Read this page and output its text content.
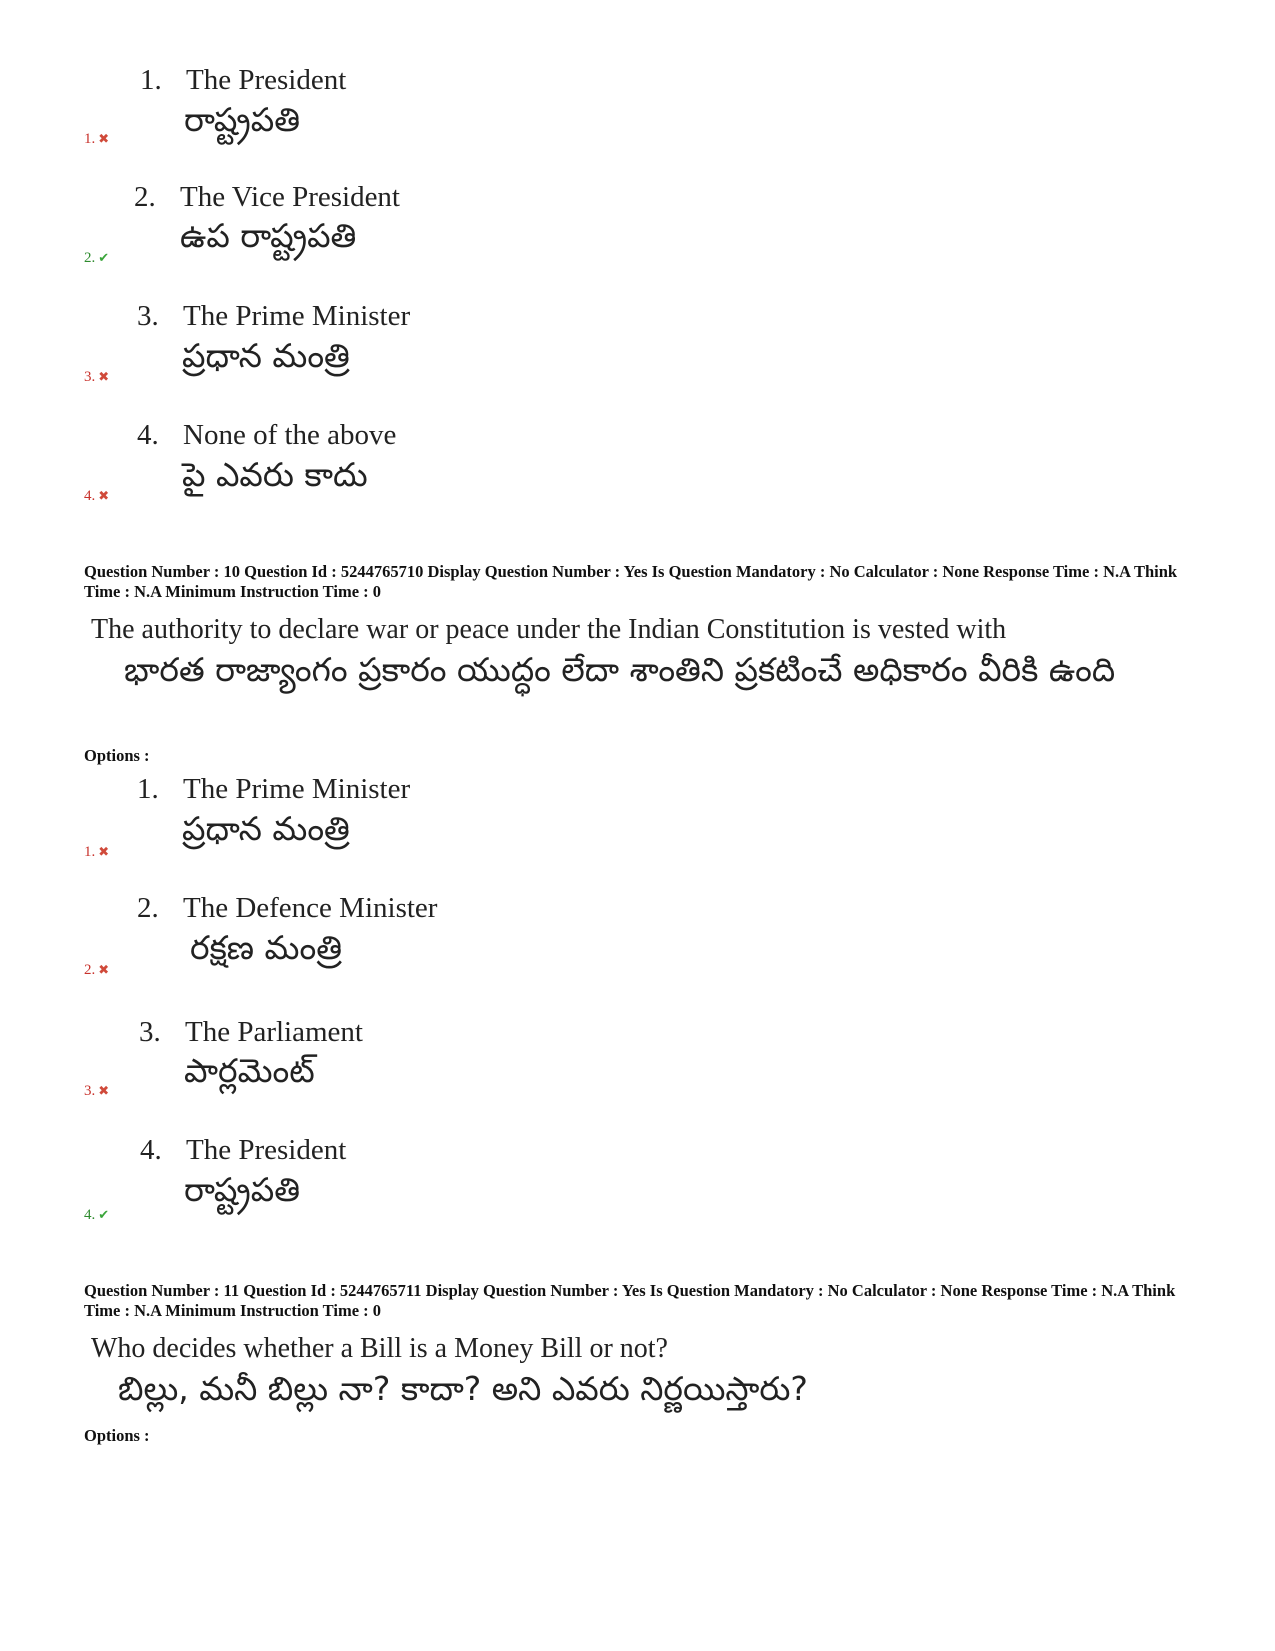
1. The President
రాష్ట్రపతి
1. ✖
2. The Vice President
ఉప రాష్ట్రపతి
2. ✔
3. The Prime Minister
ప్రధాన మంత్రి
3. ✖
4. None of the above
పై ఎవరు కాదు
4. ✖
Question Number : 10 Question Id : 5244765710 Display Question Number : Yes Is Question Mandatory : No Calculator : None Response Time : N.A Think Time : N.A Minimum Instruction Time : 0
The authority to declare war or peace under the Indian Constitution is vested with
భారత రాజ్యాంగం ప్రకారం యుద్ధం లేదా శాంతిని ప్రకటించే అధికారం వీరికి ఉంది
Options :
1. The Prime Minister
ప్రధాన మంత్రి
1. ✖
2. The Defence Minister
రక్షణ మంత్రి
2. ✖
3. The Parliament
పార్లమెంట్
3. ✖
4. The President
రాష్ట్రపతి
4. ✔
Question Number : 11 Question Id : 5244765711 Display Question Number : Yes Is Question Mandatory : No Calculator : None Response Time : N.A Think Time : N.A Minimum Instruction Time : 0
Who decides whether a Bill is a Money Bill or not?
బిల్లు, మనీ బిల్లు నా? కాదా? అని ఎవరు నిర్ణయిస్తారు?
Options :
